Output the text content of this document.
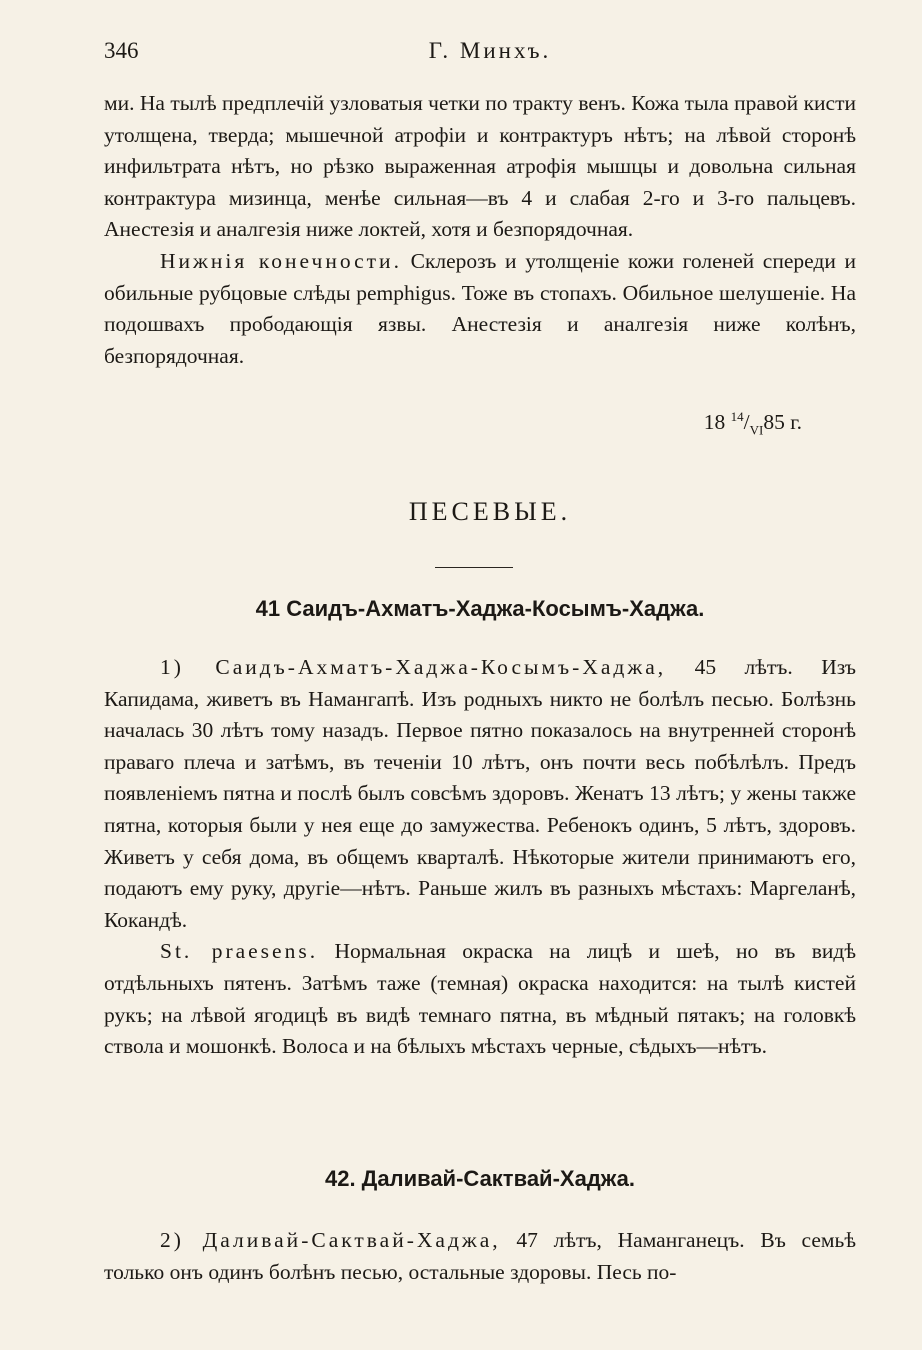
346	Г. Минхъ.

ми. На тылѣ предплечій узловатыя четки по тракту венъ. Кожа тыла правой кисти утолщена, тверда; мышечной атрофіи и контрактуръ нѣтъ; на лѣвой сторонѣ инфильтрата нѣтъ, но рѣзко выраженная атрофія мышцы и довольна сильная контрактура мизинца, менѣе сильная—въ 4 и слабая 2-го и 3-го пальцевъ. Анестезія и аналгезія ниже локтей, хотя и безпорядочная.

Нижнія конечности. Склерозъ и утолщеніе кожи голеней спереди и обильные рубцовые слѣды pemphigus. Тоже въ стопахъ. Обильное шелушеніе. На подошвахъ прободающія язвы. Анестезія и аналгезія ниже колѣнъ, безпорядочная.

18 $^{14}/_{VI}85$ г.
ПЕСЕВЫЕ.
41 Саидъ-Ахматъ-Хаджа-Косымъ-Хаджа.

1) Саидъ-Ахматъ-Хаджа-Косымъ-Хаджа, 45 лѣтъ. Изъ Капидама, живетъ въ Намангапѣ. Изъ родныхъ никто не болѣлъ песью. Болѣзнь началась 30 лѣтъ тому назадъ. Первое пятно показалось на внутренней сторонѣ праваго плеча и затѣмъ, въ теченіи 10 лѣтъ, онъ почти весь побѣлѣлъ. Предъ появленіемъ пятна и послѣ былъ совсѣмъ здоровъ. Женатъ 13 лѣтъ; у жены также пятна, которыя были у нея еще до замужества. Ребенокъ одинъ, 5 лѣтъ, здоровъ. Живетъ у себя дома, въ общемъ кварталѣ. Нѣкоторые жители принимаютъ его, подаютъ ему руку, другіе—нѣтъ. Раньше жилъ въ разныхъ мѣстахъ: Маргеланѣ, Кокандѣ.

St. praesens. Нормальная окраска на лицѣ и шеѣ, но въ видѣ отдѣльныхъ пятенъ. Затѣмъ таже (темная) окраска находится: на тылѣ кистей рукъ; на лѣвой ягодицѣ въ видѣ темнаго пятна, въ мѣдный пятакъ; на головкѣ ствола и мошонкѣ. Волоса и на бѣлыхъ мѣстахъ черные, сѣдыхъ—нѣтъ.

42. Даливай-Сактвай-Хаджа.

2) Даливай-Сактвай-Хаджа, 47 лѣтъ, Наманганецъ. Въ семьѣ только онъ одинъ болѣнъ песью, остальные здоровы. Песь по-
